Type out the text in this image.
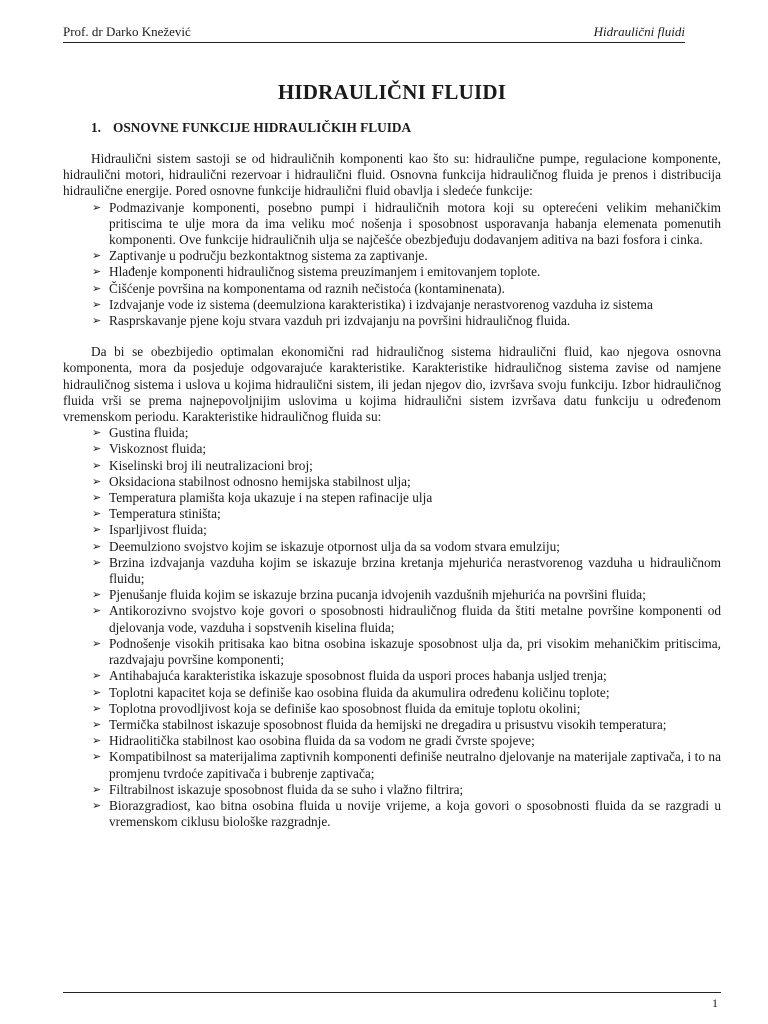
Prof. dr Darko Knežević	Hidraulični fluidi
HIDRAULIČNI FLUIDI
1. OSNOVNE FUNKCIJE HIDRAULIČKIH FLUIDA

Hidraulični sistem sastoji se od hidrauličnih komponenti kao što su: hidraulične pumpe, regulacione komponente, hidraulični motori, hidraulični rezervoar i hidraulični fluid. Osnovna funkcija hidrauličnog fluida je prenos i distribucija hidraulične energije. Pored osnovne funkcije hidraulični fluid obavlja i sledeće funkcije:

➢ Podmazivanje komponenti, posebno pumpi i hidrauličnih motora koji su opterećeni velikim mehaničkim pritiscima te ulje mora da ima veliku moć nošenja i sposobnost usporavanja habanja elemenata pomenutih komponenti. Ove funkcije hidrauličnih ulja se najčešće obezbjeđuju dodavanjem aditiva na bazi fosfora i cinka.
➢ Zaptivanje u području bezkontaktnog sistema za zaptivanje.
➢ Hlađenje komponenti hidrauličnog sistema preuzimanjem i emitovanjem toplote.
➢ Čišćenje površina na komponentama od raznih nečistoća (kontaminenata).
➢ Izdvajanje vode iz sistema (deemulziona karakteristika) i izdvajanje nerastvorenog vazduha iz sistema
➢ Rasprskavanje pjene koju stvara vazduh pri izdvajanju na površini hidrauličnog fluida.

Da bi se obezbijedio optimalan ekonomični rad hidrauličnog sistema hidraulični fluid, kao njegova osnovna komponenta, mora da posjeduje odgovarajuće karakteristike. Karakteristike hidrauličnog sistema zavise od namjene hidrauličnog sistema i uslova u kojima hidraulični sistem, ili jedan njegov dio, izvršava svoju funkciju. Izbor hidrauličnog fluida vrši se prema najnepovoljnijim uslovima u kojima hidraulični sistem izvršava datu funkciju u određenom vremenskom periodu. Karakteristike hidrauličnog fluida su:

➢ Gustina fluida;
➢ Viskoznost fluida;
➢ Kiselinski broj ili neutralizacioni broj;
➢ Oksidaciona stabilnost odnosno hemijska stabilnost ulja;
➢ Temperatura plamišta koja ukazuje i na stepen rafinacije ulja
➢ Temperatura stiništa;
➢ Isparljivost fluida;
➢ Deemulziono svojstvo kojim se iskazuje otpornost ulja da sa vodom stvara emulziju;
➢ Brzina izdvajanja vazduha kojim se iskazuje brzina kretanja mjehurića nerastvorenog vazduha u hidrauličnom fluidu;
➢ Pjenušanje fluida kojim se iskazuje brzina pucanja idvojenih vazdušnih mjehurića na površini fluida;
➢ Antikorozivno svojstvo koje govori o sposobnosti hidrauličnog fluida da štiti metalne površine komponenti od djelovanja vode, vazduha i sopstvenih kiselina fluida;
➢ Podnošenje visokih pritisaka kao bitna osobina iskazuje sposobnost ulja da, pri visokim mehaničkim pritiscima, razdvajaju površine komponenti;
➢ Antihabajuća karakteristika iskazuje sposobnost fluida da uspori proces habanja usljed trenja;
➢ Toplotni kapacitet koja se definiše kao osobina fluida da akumulira određenu količinu toplote;
➢ Toplotna provodljivost koja se definiše kao sposobnost fluida da emituje toplotu okolini;
➢ Termička stabilnost iskazuje sposobnost fluida da hemijski ne dregadira u prisustvu visokih temperatura;
➢ Hidraolitička stabilnost kao osobina fluida da sa vodom ne gradi čvrste spojeve;
➢ Kompatibilnost sa materijalima zaptivnih komponenti definiše neutralno djelovanje na materijale zaptivača, i to na promjenu tvrdoće zapitivača i bubrenje zaptivača;
➢ Filtrabilnost iskazuje sposobnost fluida da se suho i vlažno filtrira;
➢ Biorazgradiost, kao bitna osobina fluida u novije vrijeme, a koja govori o sposobnosti fluida da se razgradi u vremenskom ciklusu biološke razgradnje.
1
